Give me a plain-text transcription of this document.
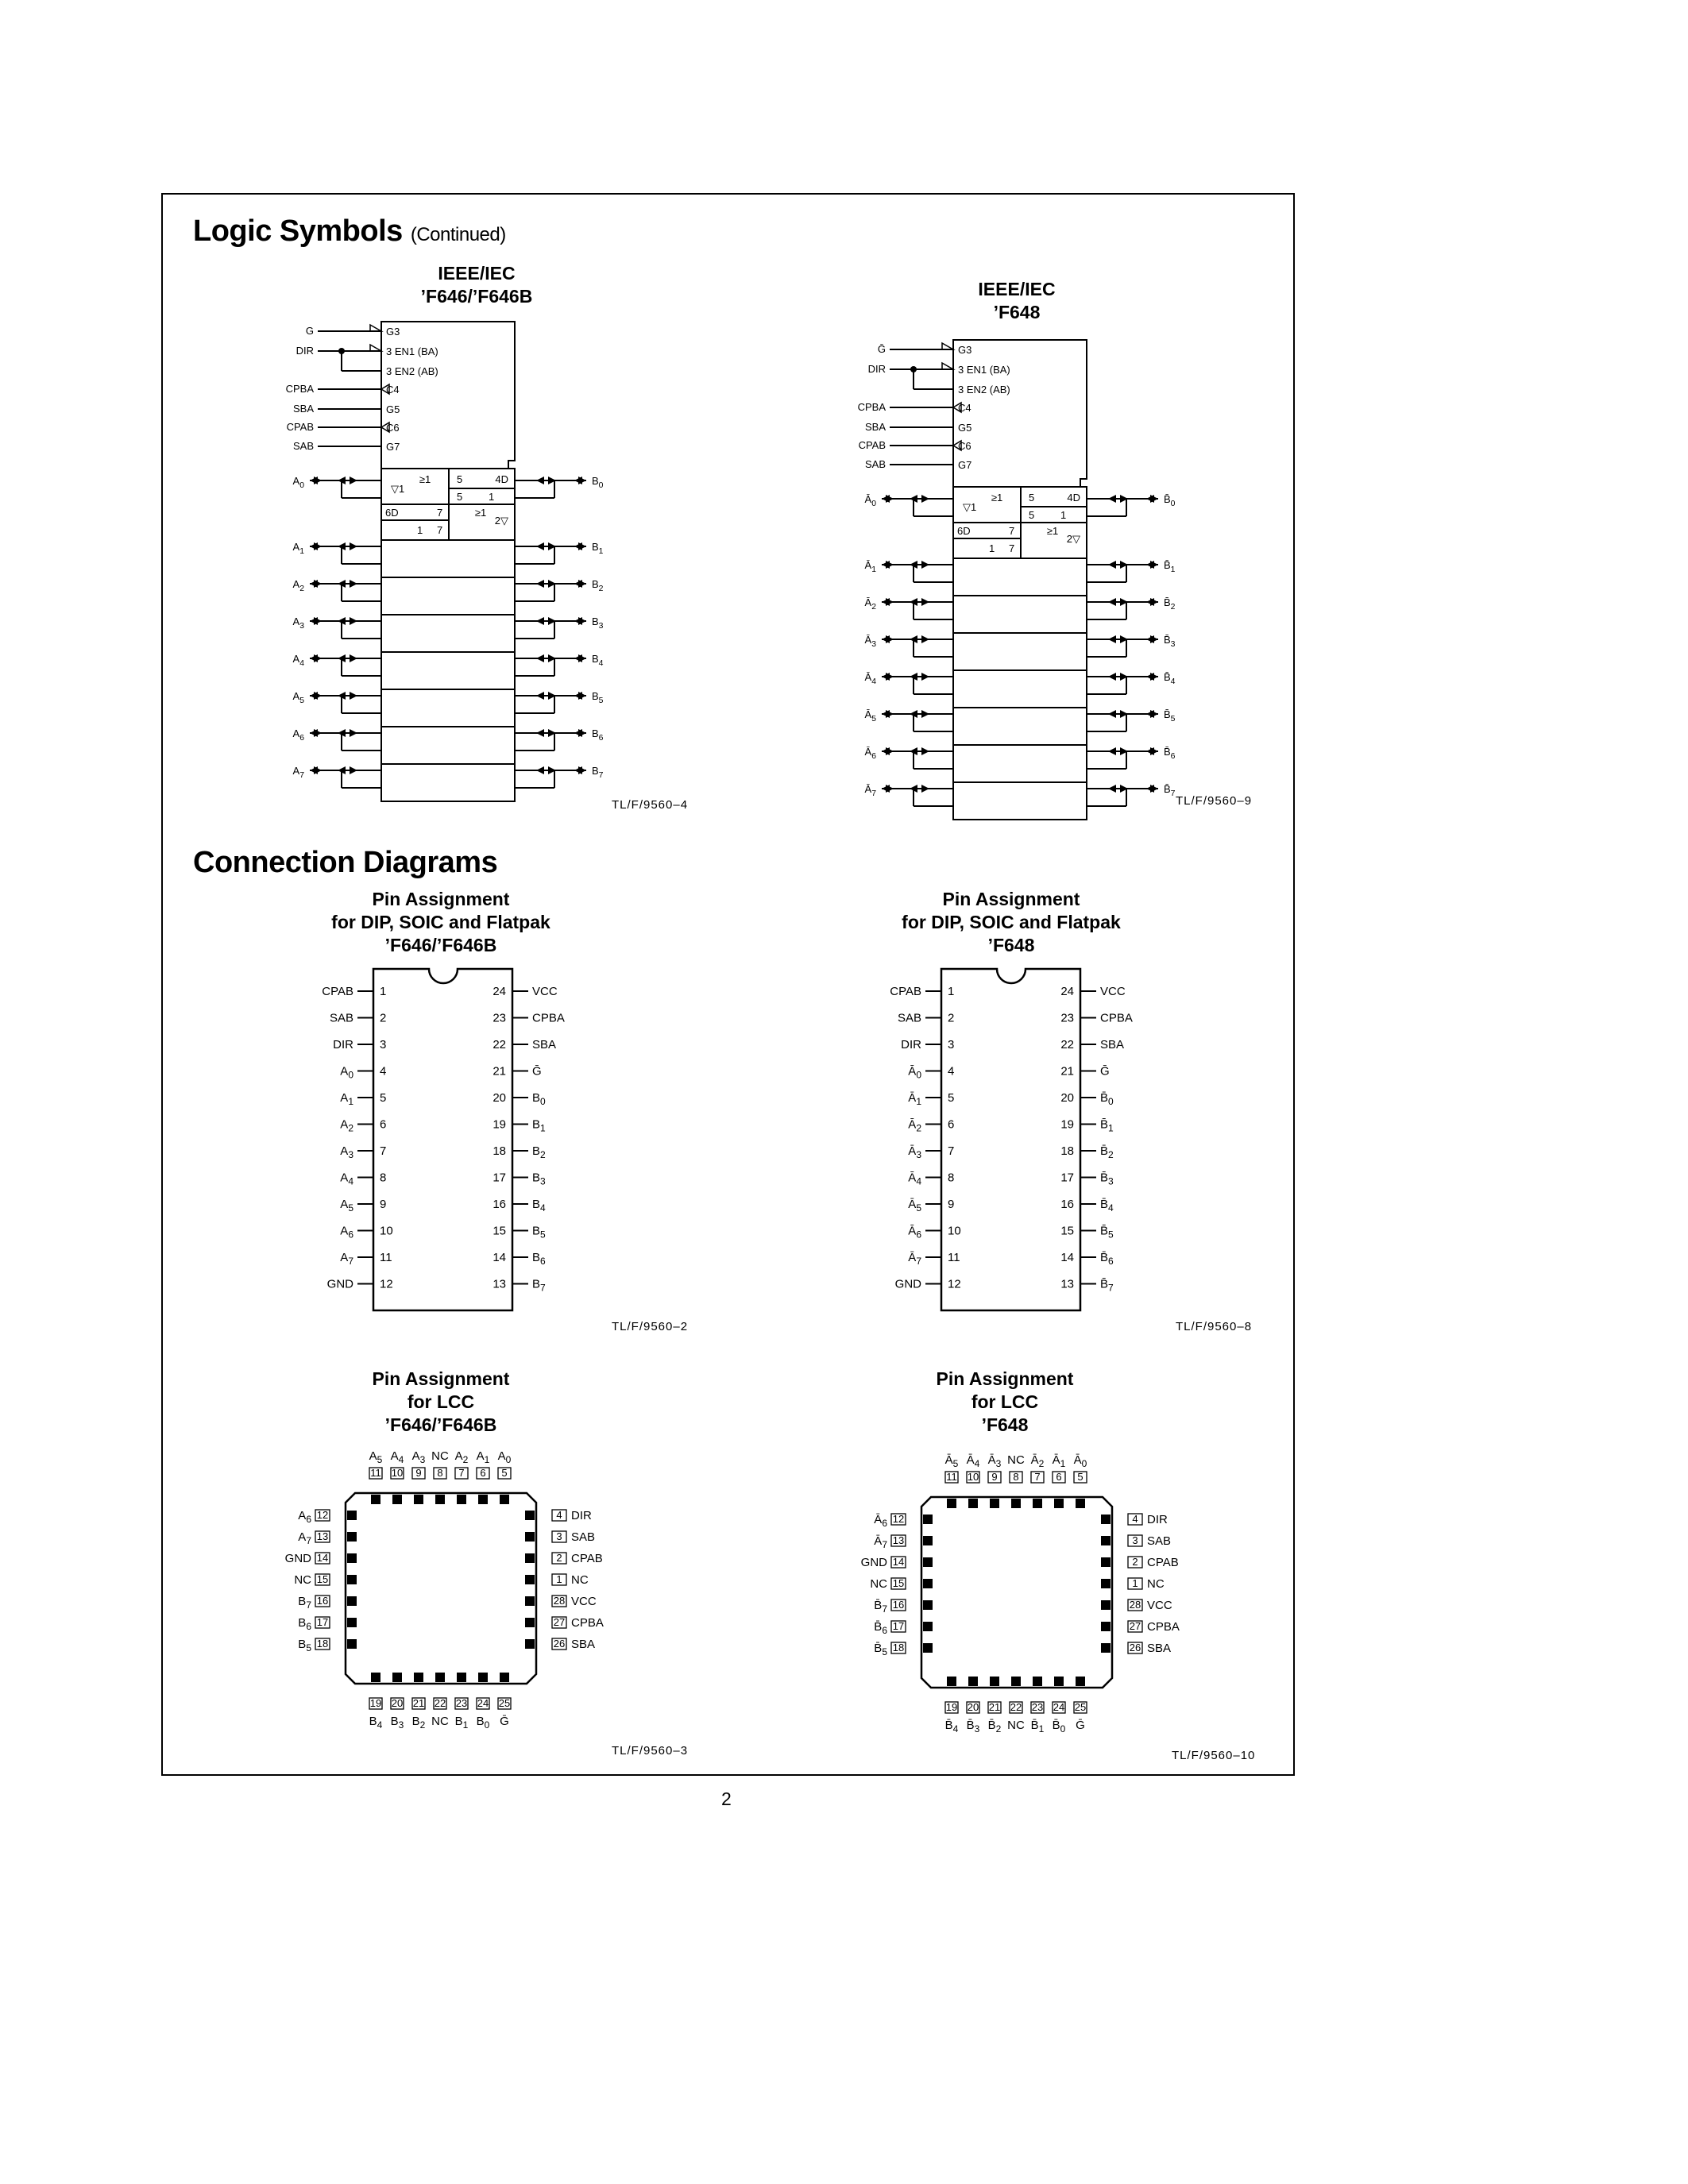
Logic Symbols (Continued)
IEEE/IEC
’F646/’F646B	IEEE/IEC
’F648
Connection Diagrams
Pin Assignment
for DIP, SOIC and Flatpak
’F646/’F646B
Pin Assignment
for DIP, SOIC and Flatpak
’F648
Pin Assignment
for LCC
’F646/’F646B
Pin Assignment
for LCC
’F648
TL/F/9560–4	TL/F/9560–9
TL/F/9560–2	TL/F/9560–8
TL/F/9560–3	TL/F/9560–10
2
G
DIR
CPBA
SBA
CPAB
SAB
G3
3 EN1 (BA)
3 EN2 (AB)
C4
G5
C6
G7
≥1	5	4D
▽1
5	1
≥1
2▽
6D	7
1 7
$A_0$
$A_1$
$A_2$
$A_3$
$A_4$
$A_5$
$A_6$
$A_7$
$B_0$
$B_1$
$B_2$
$B_3$
$B_4$
$B_5$
$B_6$
$B_7$
Ḡ
DIR
CPBA
SBA
CPAB
SAB
G3
3 EN1 (BA)
3 EN2 (AB)
C4
G5
C6
G7
≥1	5	4D
▽1
5	1
≥1
2▽
6D	7
1 7
$Ā_0$
$Ā_1$
$Ā_2$
$Ā_3$
$Ā_4$
$Ā_5$
$Ā_6$
$Ā_7$
$B̄_0$
$B̄_1$
$B̄_2$
$B̄_3$
$B̄_4$
$B̄_5$
$B̄_6$
$B̄_7$
CPAB 1
SAB 2
DIR 3
$A_0$ 4
$A_1$ 5
$A_2$ 6
$A_3$ 7
$A_4$ 8
$A_5$ 9
$A_6$ 10
$A_7$ 11
GND 12
24 VCC
23 CPBA
22 SBA
21 Ḡ
20 $B_0$
19 $B_1$
18 $B_2$
17 $B_3$
16 $B_4$
15 $B_5$
14 $B_6$
13 $B_7$
CPAB 1
SAB 2
DIR 3
$Ā_0$ 4
$Ā_1$ 5
$Ā_2$ 6
$Ā_3$ 7
$Ā_4$ 8
$Ā_5$ 9
$Ā_6$ 10
$Ā_7$ 11
GND 12
24 VCC
23 CPBA
22 SBA
21 Ḡ
20 $B̄_0$
19 $B̄_1$
18 $B̄_2$
17 $B̄_3$
16 $B̄_4$
15 $B̄_5$
14 $B̄_6$
13 $B̄_7$
11
$A_5$
19
$B_4$
10
$A_4$
20
$B_3$
9
$A_3$
21
$B_2$
8
NC
22
NC
7
$A_2$
23
$B_1$
6
$A_1$
24
$B_0$
5
$A_0$
25
Ḡ
12
$A_6$	4 DIR
13
$A_7$	3 SAB
14
GND	2 CPAB
15
NC	1 NC
16
$B_7$	28 VCC
17
$B_6$	27 CPBA
18
$B_5$	26 SBA
11
$Ā_5$
19
$B̄_4$
10
$Ā_4$
20
$B̄_3$
9
$Ā_3$
21
$B̄_2$
8
NC
22
NC
7
$Ā_2$
23
$B̄_1$
6
$Ā_1$
24
$B̄_0$
5
$Ā_0$
25
Ḡ
12
$Ā_6$	4 DIR
13
$Ā_7$	3 SAB
14
GND	2 CPAB
15
NC	1 NC
16
$B̄_7$	28 VCC
17
$B̄_6$	27 CPBA
18
$B̄_5$	26 SBA
